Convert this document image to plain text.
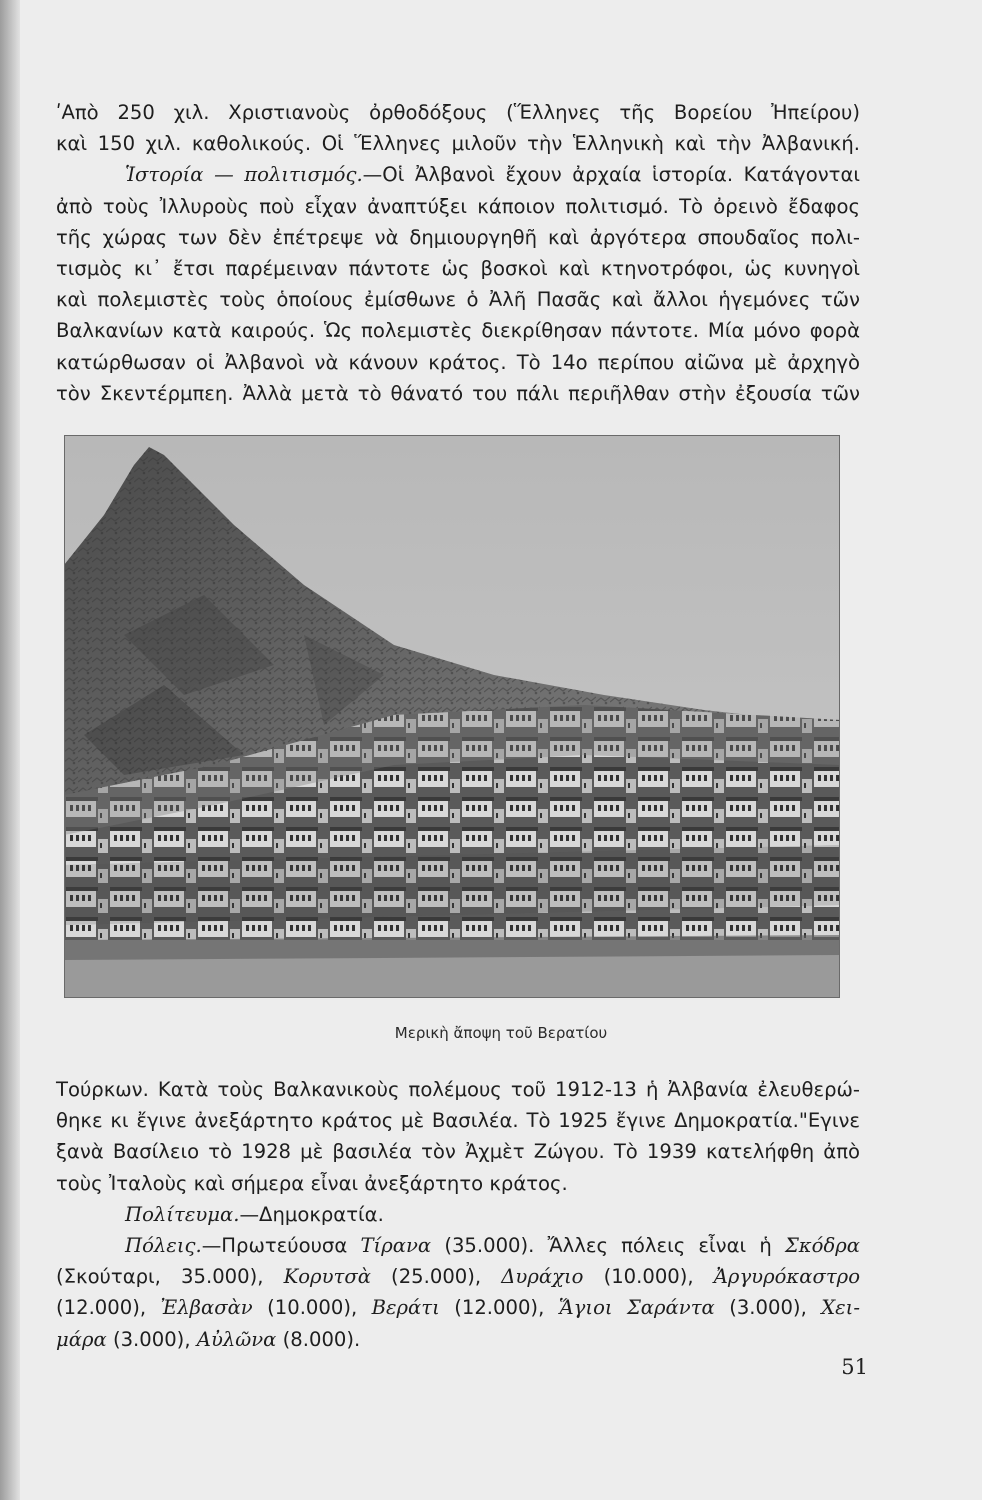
ʹΑπὸ 250 χιλ. Χριστιανοὺς ὀρθοδόξους (Ἕλληνες τῆς Βορείου Ἠπείρου)
καὶ 150 χιλ. καθολικούς. Οἱ Ἕλληνες μιλοῦν τὴν Ἑλληνικὴ καὶ τὴν Ἀλβανική.
Ἱστορία — πολιτισμός.—Οἱ Ἀλβανοὶ ἔχουν ἀρχαία ἱστορία. Κατάγονται
ἀπὸ τοὺς Ἰλλυροὺς ποὺ εἶχαν ἀναπτύξει κάποιον πολιτισμό. Τὸ ὀρεινὸ ἔδαφος
τῆς χώρας των δὲν ἐπέτρεψε νὰ δημιουργηθῆ καὶ ἀργότερα σπουδαῖος πολι-
τισμὸς κι᾽ ἔτσι παρέμειναν πάντοτε ὡς βοσκοὶ καὶ κτηνοτρόφοι, ὡς κυνηγοὶ
καὶ πολεμιστὲς τοὺς ὁποίους ἐμίσθωνε ὁ Ἀλῆ Πασᾶς καὶ ἄλλοι ἡγεμόνες τῶν
Βαλκανίων κατὰ καιρούς. Ὡς πολεμιστὲς διεκρίθησαν πάντοτε. Μία μόνο φορὰ
κατώρθωσαν οἱ Ἀλβανοὶ νὰ κάνουν κράτος. Τὸ 14ο περίπου αἰῶνα μὲ ἀρχηγὸ
τὸν Σκεντέρμπεη. Ἀλλὰ μετὰ τὸ θάνατό του πάλι περιῆλθαν στὴν ἐξουσία τῶν
Μερικὴ ἄποψη τοῦ Βερατίου
Τούρκων. Κατὰ τοὺς Βαλκανικοὺς πολέμους τοῦ 1912-13 ἡ Ἀλβανία ἐλευθερώ-
θηκε κι ἔγινε ἀνεξάρτητο κράτος μὲ Βασιλέα. Τὸ 1925 ἔγινε Δημοκρατία."Εγινε
ξανὰ Βασίλειο τὸ 1928 μὲ βασιλέα τὸν Ἀχμὲτ Ζώγου. Τὸ 1939 κατελήφθη ἀπὸ
τοὺς Ἰταλοὺς καὶ σήμερα εἶναι ἀνεξάρτητο κράτος.
Πολίτευμα.—Δημοκρατία.
Πόλεις.—Πρωτεύουσα Τίρανα (35.000). Ἄλλες πόλεις εἶναι ἡ Σκόδρα
(Σκούταρι, 35.000), Κορυτσὰ (25.000), Δυράχιο (10.000), Ἀργυρόκαστρο
(12.000), Ἐλβασὰν (10.000), Βεράτι (12.000), Ἅγιοι Σαράντα (3.000), Χει-
μάρα (3.000), Αὐλῶνα (8.000).
51
